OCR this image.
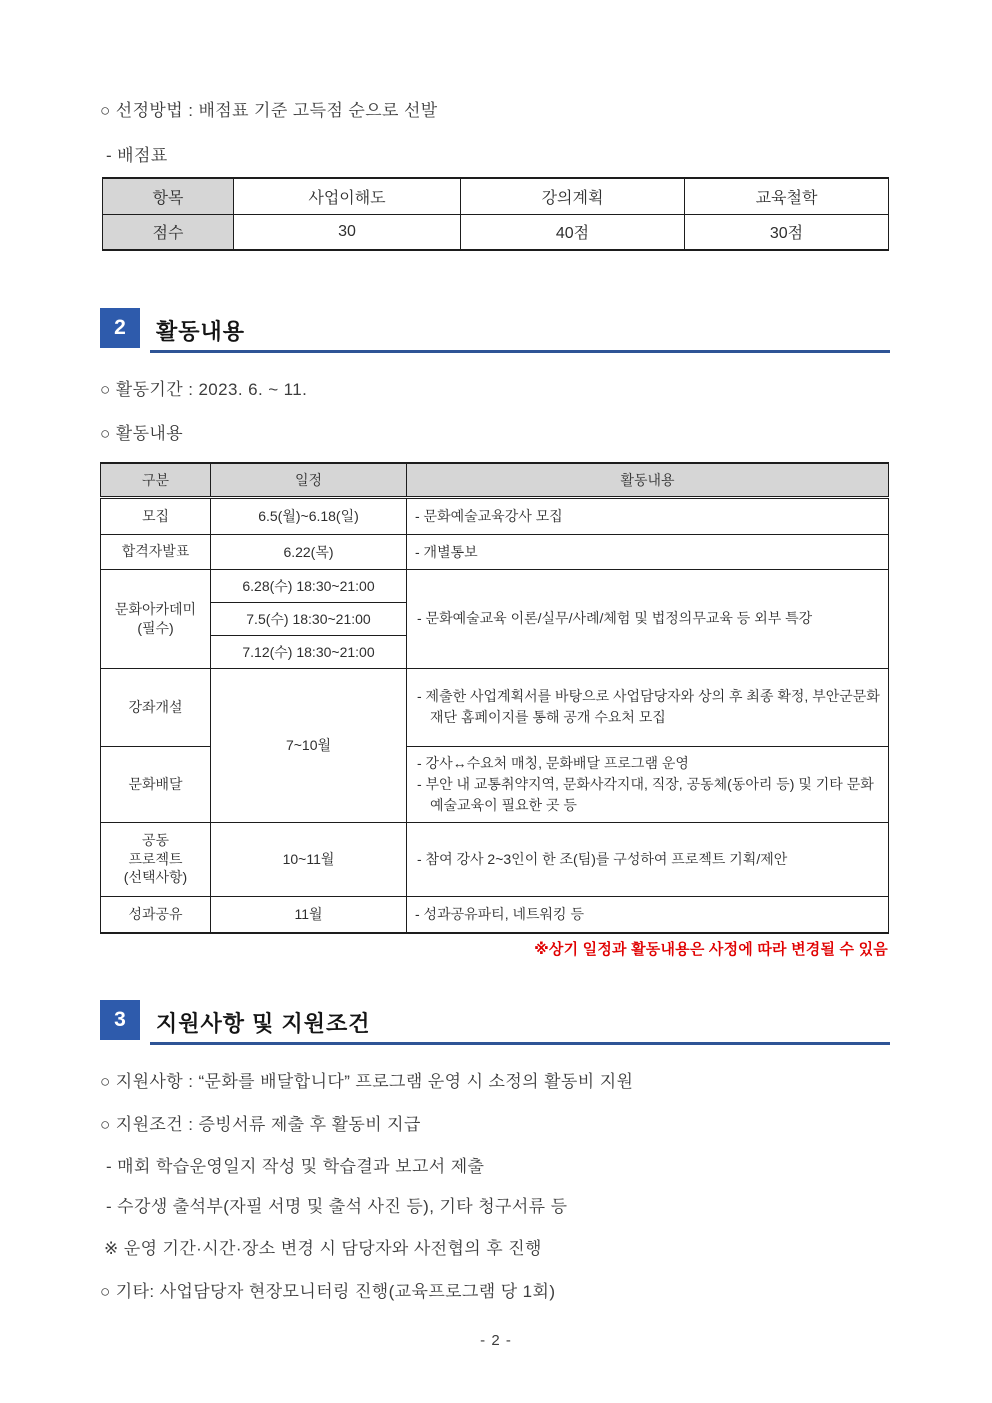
○ 선정방법 : 배점표 기준 고득점 순으로 선발
- 배점표
항목	사업이해도	강의계획	교육철학
점수	30	40점	30점
2	활동내용
○ 활동기간 : 2023. 6. ~ 11.
○ 활동내용
구분	일정	활동내용
모집	6.5(월)~6.18(일)	- 문화예술교육강사 모집
합격자발표	6.22(목)	- 개별통보

문화아카데미
(필수)	6.28(수) 18:30~21:00	- 문화예술교육 이론/실무/사례/체험 및 법정의무교육 등 외부 특강

	7.5(수) 18:30~21:00	
	7.12(수) 18:30~21:00	
강좌개설	7~10월	- 제출한 사업계획서를 바탕으로 사업담당자와 상의 후 최종 확정, 부안군문화재단 홈페이지를 통해 공개 수요처 모집

문화배달		- 강사↔수요처 매칭, 문화배달 프로그램 운영
- 부안 내 교통취약지역, 문화사각지대, 직장, 공동체(동아리 등) 및 기타 문화예술교육이 필요한 곳 등

공동
프로젝트
(선택사항)	10~11월	- 참여 강사 2~3인이 한 조(팀)를 구성하여 프로젝트 기획/제안

성과공유	11월	- 성과공유파티, 네트워킹 등
※상기 일정과 활동내용은 사정에 따라 변경될 수 있음
3	지원사항 및 지원조건
○ 지원사항 : “문화를 배달합니다” 프로그램 운영 시 소정의 활동비 지원
○ 지원조건 : 증빙서류 제출 후 활동비 지급
- 매회 학습운영일지 작성 및 학습결과 보고서 제출
- 수강생 출석부(자필 서명 및 출석 사진 등), 기타 청구서류 등
※ 운영 기간·시간·장소 변경 시 담당자와 사전협의 후 진행
○ 기타: 사업담당자 현장모니터링 진행(교육프로그램 당 1회)
- 2 -
